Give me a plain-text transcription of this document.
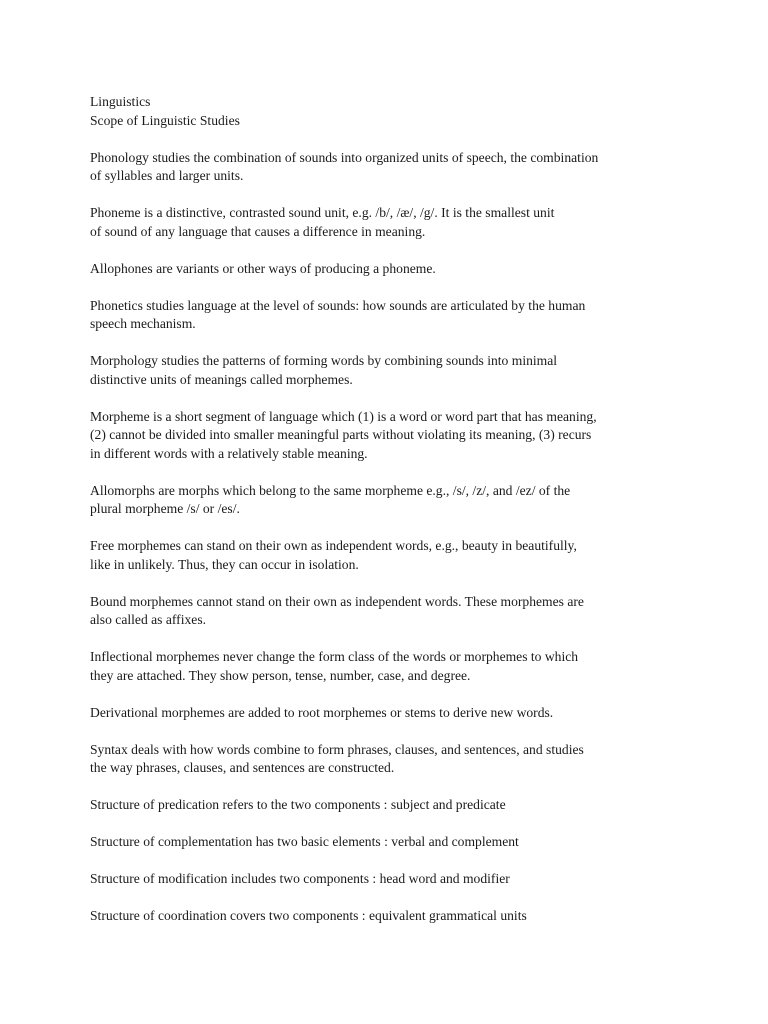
Linguistics

Scope of Linguistic Studies

Phonology studies the combination of sounds into organized units of speech, the combination
of syllables and larger units.

Phoneme is a distinctive, contrasted sound unit, e.g. /b/, /æ/, /g/. It is the smallest unit
of sound of any language that causes a difference in meaning.

Allophones are variants or other ways of producing a phoneme.

Phonetics studies language at the level of sounds: how sounds are articulated by the human
speech mechanism.

Morphology studies the patterns of forming words by combining sounds into minimal
distinctive units of meanings called morphemes.

Morpheme is a short segment of language which (1) is a word or word part that has meaning,
(2) cannot be divided into smaller meaningful parts without violating its meaning, (3) recurs
in different words with a relatively stable meaning.

Allomorphs are morphs which belong to the same morpheme e.g., /s/, /z/, and /ez/ of the
plural morpheme /s/ or /es/.

Free morphemes can stand on their own as independent words, e.g., beauty in beautifully,
like in unlikely. Thus, they can occur in isolation.

Bound morphemes cannot stand on their own as independent words. These morphemes are
also called as affixes.

Inflectional morphemes never change the form class of the words or morphemes to which
they are attached. They show person, tense, number, case, and degree.

Derivational morphemes are added to root morphemes or stems to derive new words.

Syntax deals with how words combine to form phrases, clauses, and sentences, and studies
the way phrases, clauses, and sentences are constructed.

Structure of predication refers to the two components : subject and predicate

Structure of complementation has two basic elements : verbal and complement

Structure of modification includes two components : head word and modifier

Structure of coordination covers two components : equivalent grammatical units
